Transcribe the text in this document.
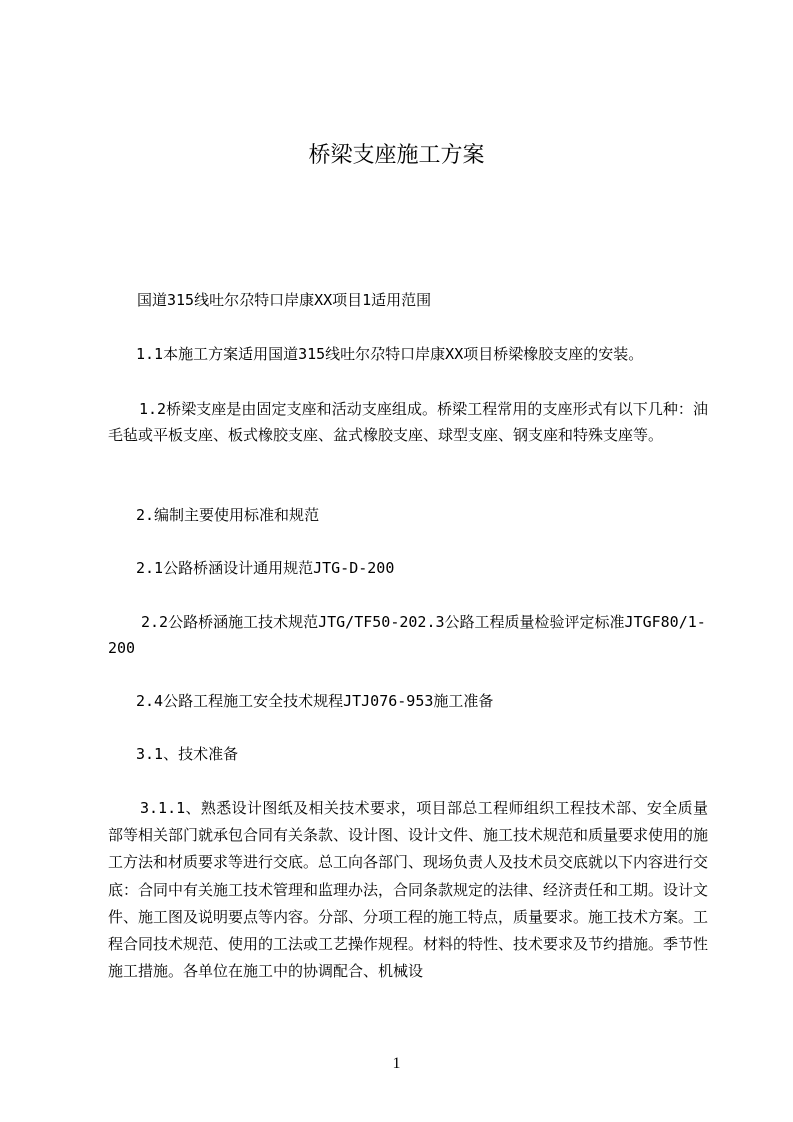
桥梁支座施工方案

国道315线吐尔尕特口岸康XX项目1适用范围

1.1本施工方案适用国道315线吐尔尕特口岸康XX项目桥梁橡胶支座的安装。

1.2桥梁支座是由固定支座和活动支座组成。桥梁工程常用的支座形式有以下几种：油毛毡或平板支座、板式橡胶支座、盆式橡胶支座、球型支座、钢支座和特殊支座等。

2.编制主要使用标准和规范

2.1公路桥涵设计通用规范JTG-D-200

2.2公路桥涵施工技术规范JTG/TF50-202.3公路工程质量检验评定标准JTGF80/1-200

2.4公路工程施工安全技术规程JTJ076-953施工准备

3.1、技术准备

3.1.1、熟悉设计图纸及相关技术要求，项目部总工程师组织工程技术部、安全质量部等相关部门就承包合同有关条款、设计图、设计文件、施工技术规范和质量要求使用的施工方法和材质要求等进行交底。总工向各部门、现场负责人及技术员交底就以下内容进行交底：合同中有关施工技术管理和监理办法，合同条款规定的法律、经济责任和工期。设计文件、施工图及说明要点等内容。分部、分项工程的施工特点，质量要求。施工技术方案。工程合同技术规范、使用的工法或工艺操作规程。材料的特性、技术要求及节约措施。季节性施工措施。各单位在施工中的协调配合、机械设

1
